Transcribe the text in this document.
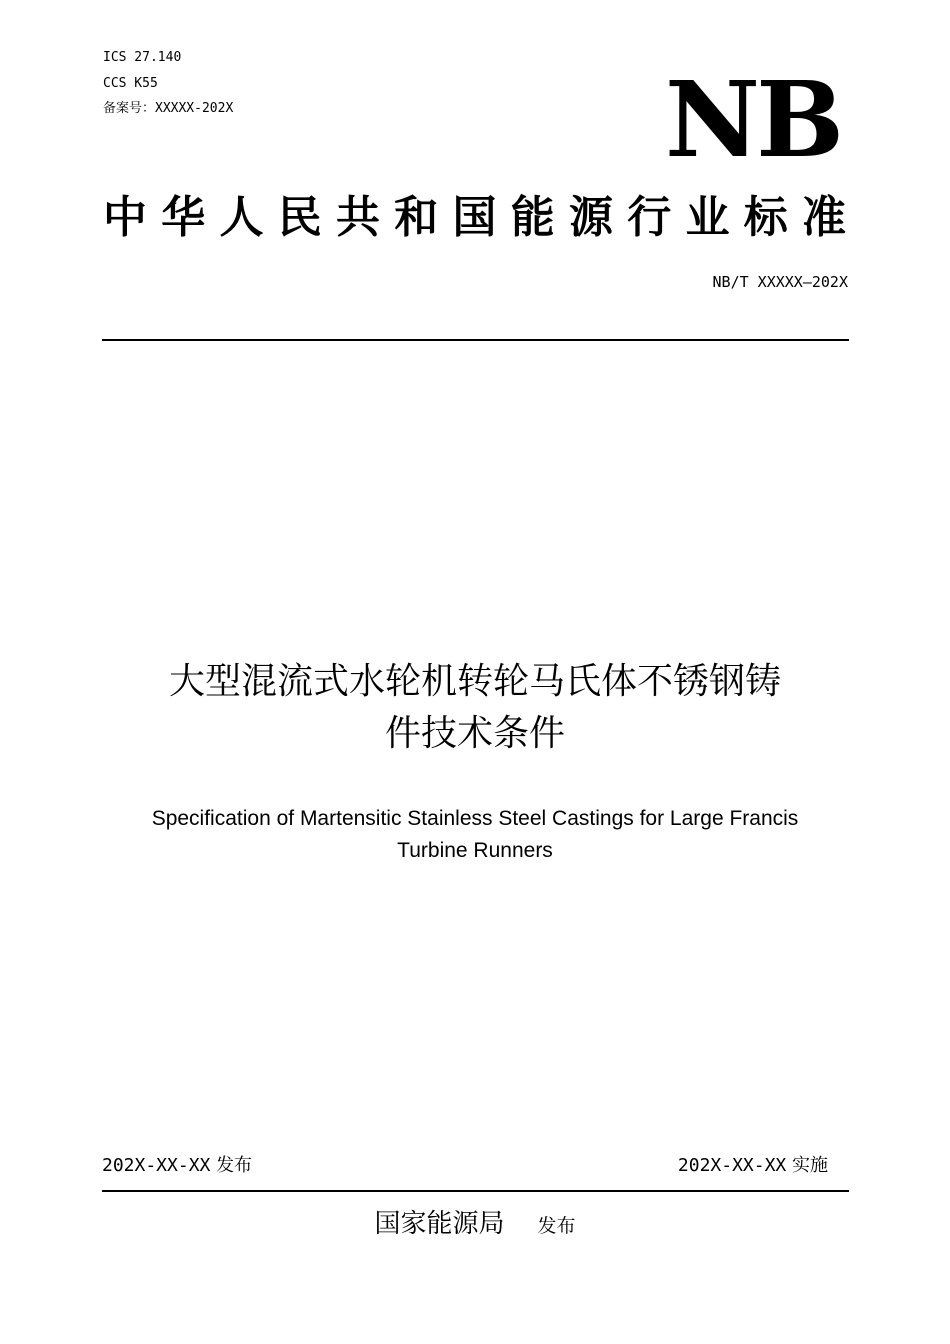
ICS 27.140
CCS K55
备案号：XXXXX-202X	NB
中华人民共和国能源行业标准
NB/T XXXXX—202X
大型混流式水轮机转轮马氏体不锈钢铸
件技术条件
Specification of Martensitic Stainless Steel Castings for Large Francis
Turbine Runners
202X-XX-XX 发布	202X-XX-XX 实施
国家能源局 发布
